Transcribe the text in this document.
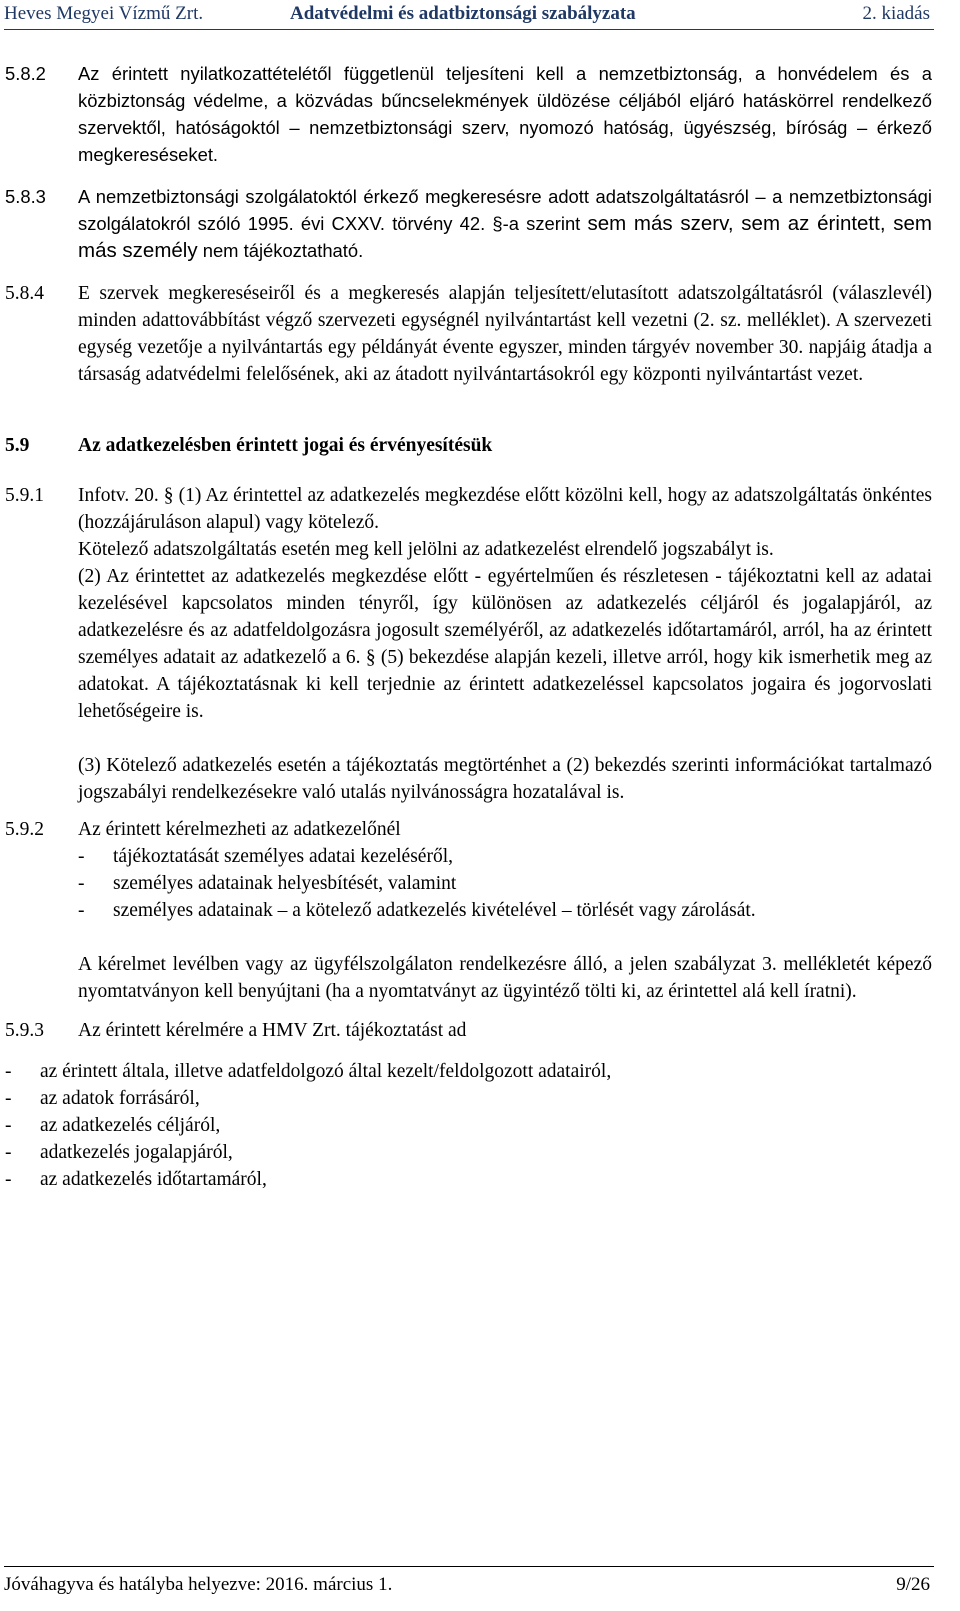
Heves Megyei Vízmű Zrt.	Adatvédelmi és adatbiztonsági szabályzata	2. kiadás
5.8.2 Az érintett nyilatkozattételétől függetlenül teljesíteni kell a nemzetbiztonság, a honvédelem és a közbiztonság védelme, a közvádas bűncselekmények üldözése céljából eljáró hatáskörrel rendelkező szervektől, hatóságoktól – nemzetbiztonsági szerv, nyomozó hatóság, ügyészség, bíróság – érkező megkereséseket.
5.8.3 A nemzetbiztonsági szolgálatoktól érkező megkeresésre adott adatszolgáltatásról – a nemzetbiztonsági szolgálatokról szóló 1995. évi CXXV. törvény 42. §-a szerint sem más szerv, sem az érintett, sem más személy nem tájékoztatható.
5.8.4 E szervek megkereséseiről és a megkeresés alapján teljesített/elutasított adatszolgáltatásról (válaszlevél) minden adattovábbítást végző szervezeti egységnél nyilvántartást kell vezetni (2. sz. melléklet). A szervezeti egység vezetője a nyilvántartás egy példányát évente egyszer, minden tárgyév november 30. napjáig átadja a társaság adatvédelmi felelősének, aki az átadott nyilvántartásokról egy központi nyilvántartást vezet.
5.9 Az adatkezelésben érintett jogai és érvényesítésük
5.9.1 Infotv. 20. § (1) Az érintettel az adatkezelés megkezdése előtt közölni kell, hogy az adatszolgáltatás önkéntes (hozzájáruláson alapul) vagy kötelező.
Kötelező adatszolgáltatás esetén meg kell jelölni az adatkezelést elrendelő jogszabályt is.
(2) Az érintettet az adatkezelés megkezdése előtt - egyértelműen és részletesen - tájékoztatni kell az adatai kezelésével kapcsolatos minden tényről, így különösen az adatkezelés céljáról és jogalapjáról, az adatkezelésre és az adatfeldolgozásra jogosult személyéről, az adatkezelés időtartamáról, arról, ha az érintett személyes adatait az adatkezelő a 6. § (5) bekezdése alapján kezeli, illetve arról, hogy kik ismerhetik meg az adatokat. A tájékoztatásnak ki kell terjednie az érintett adatkezeléssel kapcsolatos jogaira és jogorvoslati lehetőségeire is.
(3) Kötelező adatkezelés esetén a tájékoztatás megtörténhet a (2) bekezdés szerinti információkat tartalmazó jogszabályi rendelkezésekre való utalás nyilvánosságra hozatalával is.
5.9.2 Az érintett kérelmezheti az adatkezelőnél
- tájékoztatását személyes adatai kezeléséről,
- személyes adatainak helyesbítését, valamint
- személyes adatainak – a kötelező adatkezelés kivételével – törlését vagy zárolását.
A kérelmet levélben vagy az ügyfélszolgálaton rendelkezésre álló, a jelen szabályzat 3. mellékletét képező nyomtatványon kell benyújtani (ha a nyomtatványt az ügyintéző tölti ki, az érintettel alá kell íratni).
5.9.3 Az érintett kérelmére a HMV Zrt. tájékoztatást ad
- az érintett általa, illetve adatfeldolgozó által kezelt/feldolgozott adatairól,
- az adatok forrásáról,
- az adatkezelés céljáról,
- adatkezelés jogalapjáról,
- az adatkezelés időtartamáról,
Jóváhagyva és hatályba helyezve: 2016. március 1.	9/26
